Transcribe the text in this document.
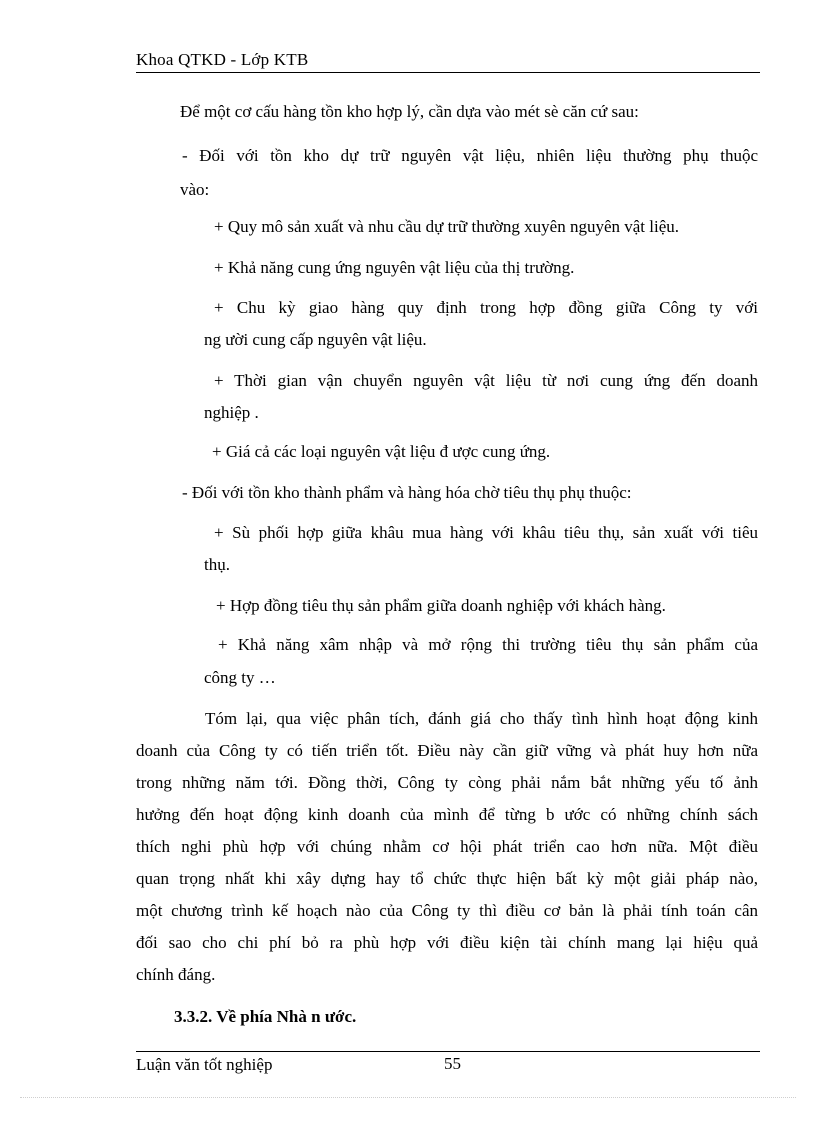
Khoa QTKD - Lớp KTB
Để một cơ cấu hàng tồn kho hợp lý, cần dựa vào mét sè căn cứ sau:
- Đối với tồn kho dự trữ nguyên vật liệu, nhiên liệu thường phụ thuộc
vào:
+ Quy mô sản xuất và nhu cầu dự trữ thường xuyên nguyên vật liệu.
+ Khả năng cung ứng nguyên vật liệu của thị trường.
+ Chu kỳ giao hàng quy định trong hợp đồng giữa Công ty với
ng ười cung cấp nguyên vật liệu.
+ Thời gian vận chuyển nguyên vật liệu từ nơi cung ứng đến doanh
nghiệp .
+ Giá cả các loại nguyên vật liệu đ ược cung ứng.
- Đối với tồn kho thành phẩm và hàng hóa chờ tiêu thụ phụ thuộc:
+ Sù phối hợp giữa khâu mua hàng với khâu tiêu thụ, sản xuất với tiêu
thụ.
+ Hợp đồng tiêu thụ sản phẩm giữa doanh nghiệp với khách hàng.
+ Khả năng xâm nhập và mở rộng thi trường tiêu thụ sản phẩm của
công ty …
Tóm lại, qua việc phân tích, đánh giá cho thấy tình hình hoạt động kinh
doanh của Công ty có tiến triển tốt. Điều này cần giữ vững và phát huy hơn nữa
trong những năm tới. Đồng thời, Công ty còng phải nắm bắt những yếu tố ảnh
hưởng đến hoạt động kinh doanh của mình để từng b ước có những chính sách
thích nghi phù hợp với chúng nhằm cơ hội phát triển cao hơn nữa. Một điều
quan trọng nhất khi xây dựng hay tổ chức thực hiện bất kỳ một giải pháp nào,
một chương trình kế hoạch nào của Công ty thì điều cơ bản là phải tính toán cân
đối sao cho chi phí bỏ ra phù hợp với điều kiện tài chính mang lại hiệu quả
chính đáng.
3.3.2. Về phía Nhà n ước.
Luận văn tốt nghiệp	55
